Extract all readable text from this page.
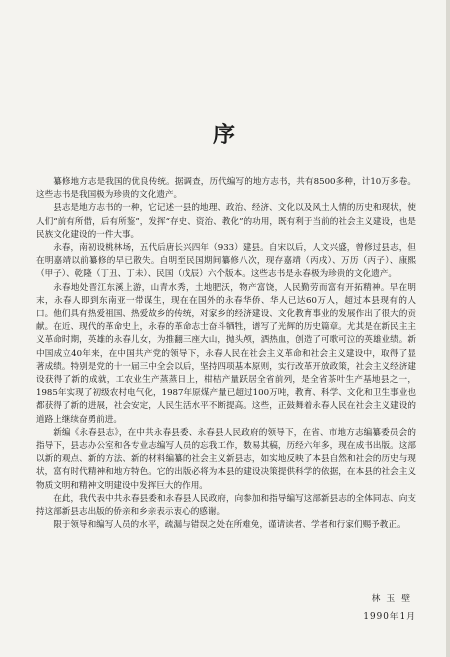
序

纂修地方志是我国的优良传统。据调查，历代编写的地方志书，共有8500多种，计10万多卷。这些志书是我国极为珍贵的文化遗产。

县志是地方志书的一种，它记述一县的地理、政治、经济、文化以及风土人情的历史和现状，使人们“前有所借，后有所鉴”，发挥“存史、资治、教化”的功用，既有利于当前的社会主义建设，也是民族文化建设的一件大事。

永春，南初设桃林场，五代后唐长兴四年（933）建县。自宋以后，人文兴盛，曾修过县志，但在明嘉靖以前纂修的早已散失。自明至民国期间纂修八次，现存嘉靖（丙戌）、万历（丙子）、康熙（甲子）、乾隆（丁丑、丁未）、民国（戊辰）六个版本。这些志书是永春极为珍贵的文化遗产。

永春地处晋江东溪上游，山青水秀，土地肥沃，物产富饶，人民勤劳而富有开拓精神。早在明末，永春人即到东南亚一带谋生，现在在国外的永春华侨、华人已达60万人，超过本县现有的人口。他们具有热爱祖国、热爱故乡的传统，对家乡的经济建设、文化教育事业的发展作出了很大的贡献。在近、现代的革命史上，永春的革命志士奋斗牺牲，谱写了光辉的历史篇章。尤其是在新民主主义革命时期，英雄的永春儿女，为推翻三座大山，抛头颅，洒热血，创造了可歌可泣的英雄业绩。新中国成立40年来，在中国共产党的领导下，永春人民在社会主义革命和社会主义建设中，取得了显著成绩。特别是党的十一届三中全会以后，坚持四项基本原则，实行改革开放政策，社会主义经济建设获得了新的成就，工农业生产蒸蒸日上，柑桔产量跃居全省前列，是全省茶叶生产基地县之一，1985年实现了初级农村电气化，1987年原煤产量已超过100万吨，教育、科学、文化和卫生事业也都获得了新的进展，社会安定，人民生活水平不断提高。这些，正鼓舞着永春人民在社会主义建设的道路上继续奋勇前进。

新编《永春县志》，在中共永春县委、永春县人民政府的领导下，在省、市地方志编纂委员会的指导下，县志办公室和各专业志编写人员的忘我工作，数易其稿，历经六年多，现在成书出版。这部以新的观点、新的方法、新的材料编纂的社会主义新县志，如实地反映了本县自然和社会的历史与现状，富有时代精神和地方特色。它的出版必将为本县的建设决策提供科学的依据，在本县的社会主义物质文明和精神文明建设中发挥巨大的作用。

在此，我代表中共永春县委和永春县人民政府，向参加和指导编写这部新县志的全体同志、向支持这部新县志出版的侨亲和乡亲表示衷心的感谢。

限于领导和编写人员的水平，疏漏与错误之处在所难免，谨请读者、学者和行家们赐予教正。

林玉壁
1990年1月
